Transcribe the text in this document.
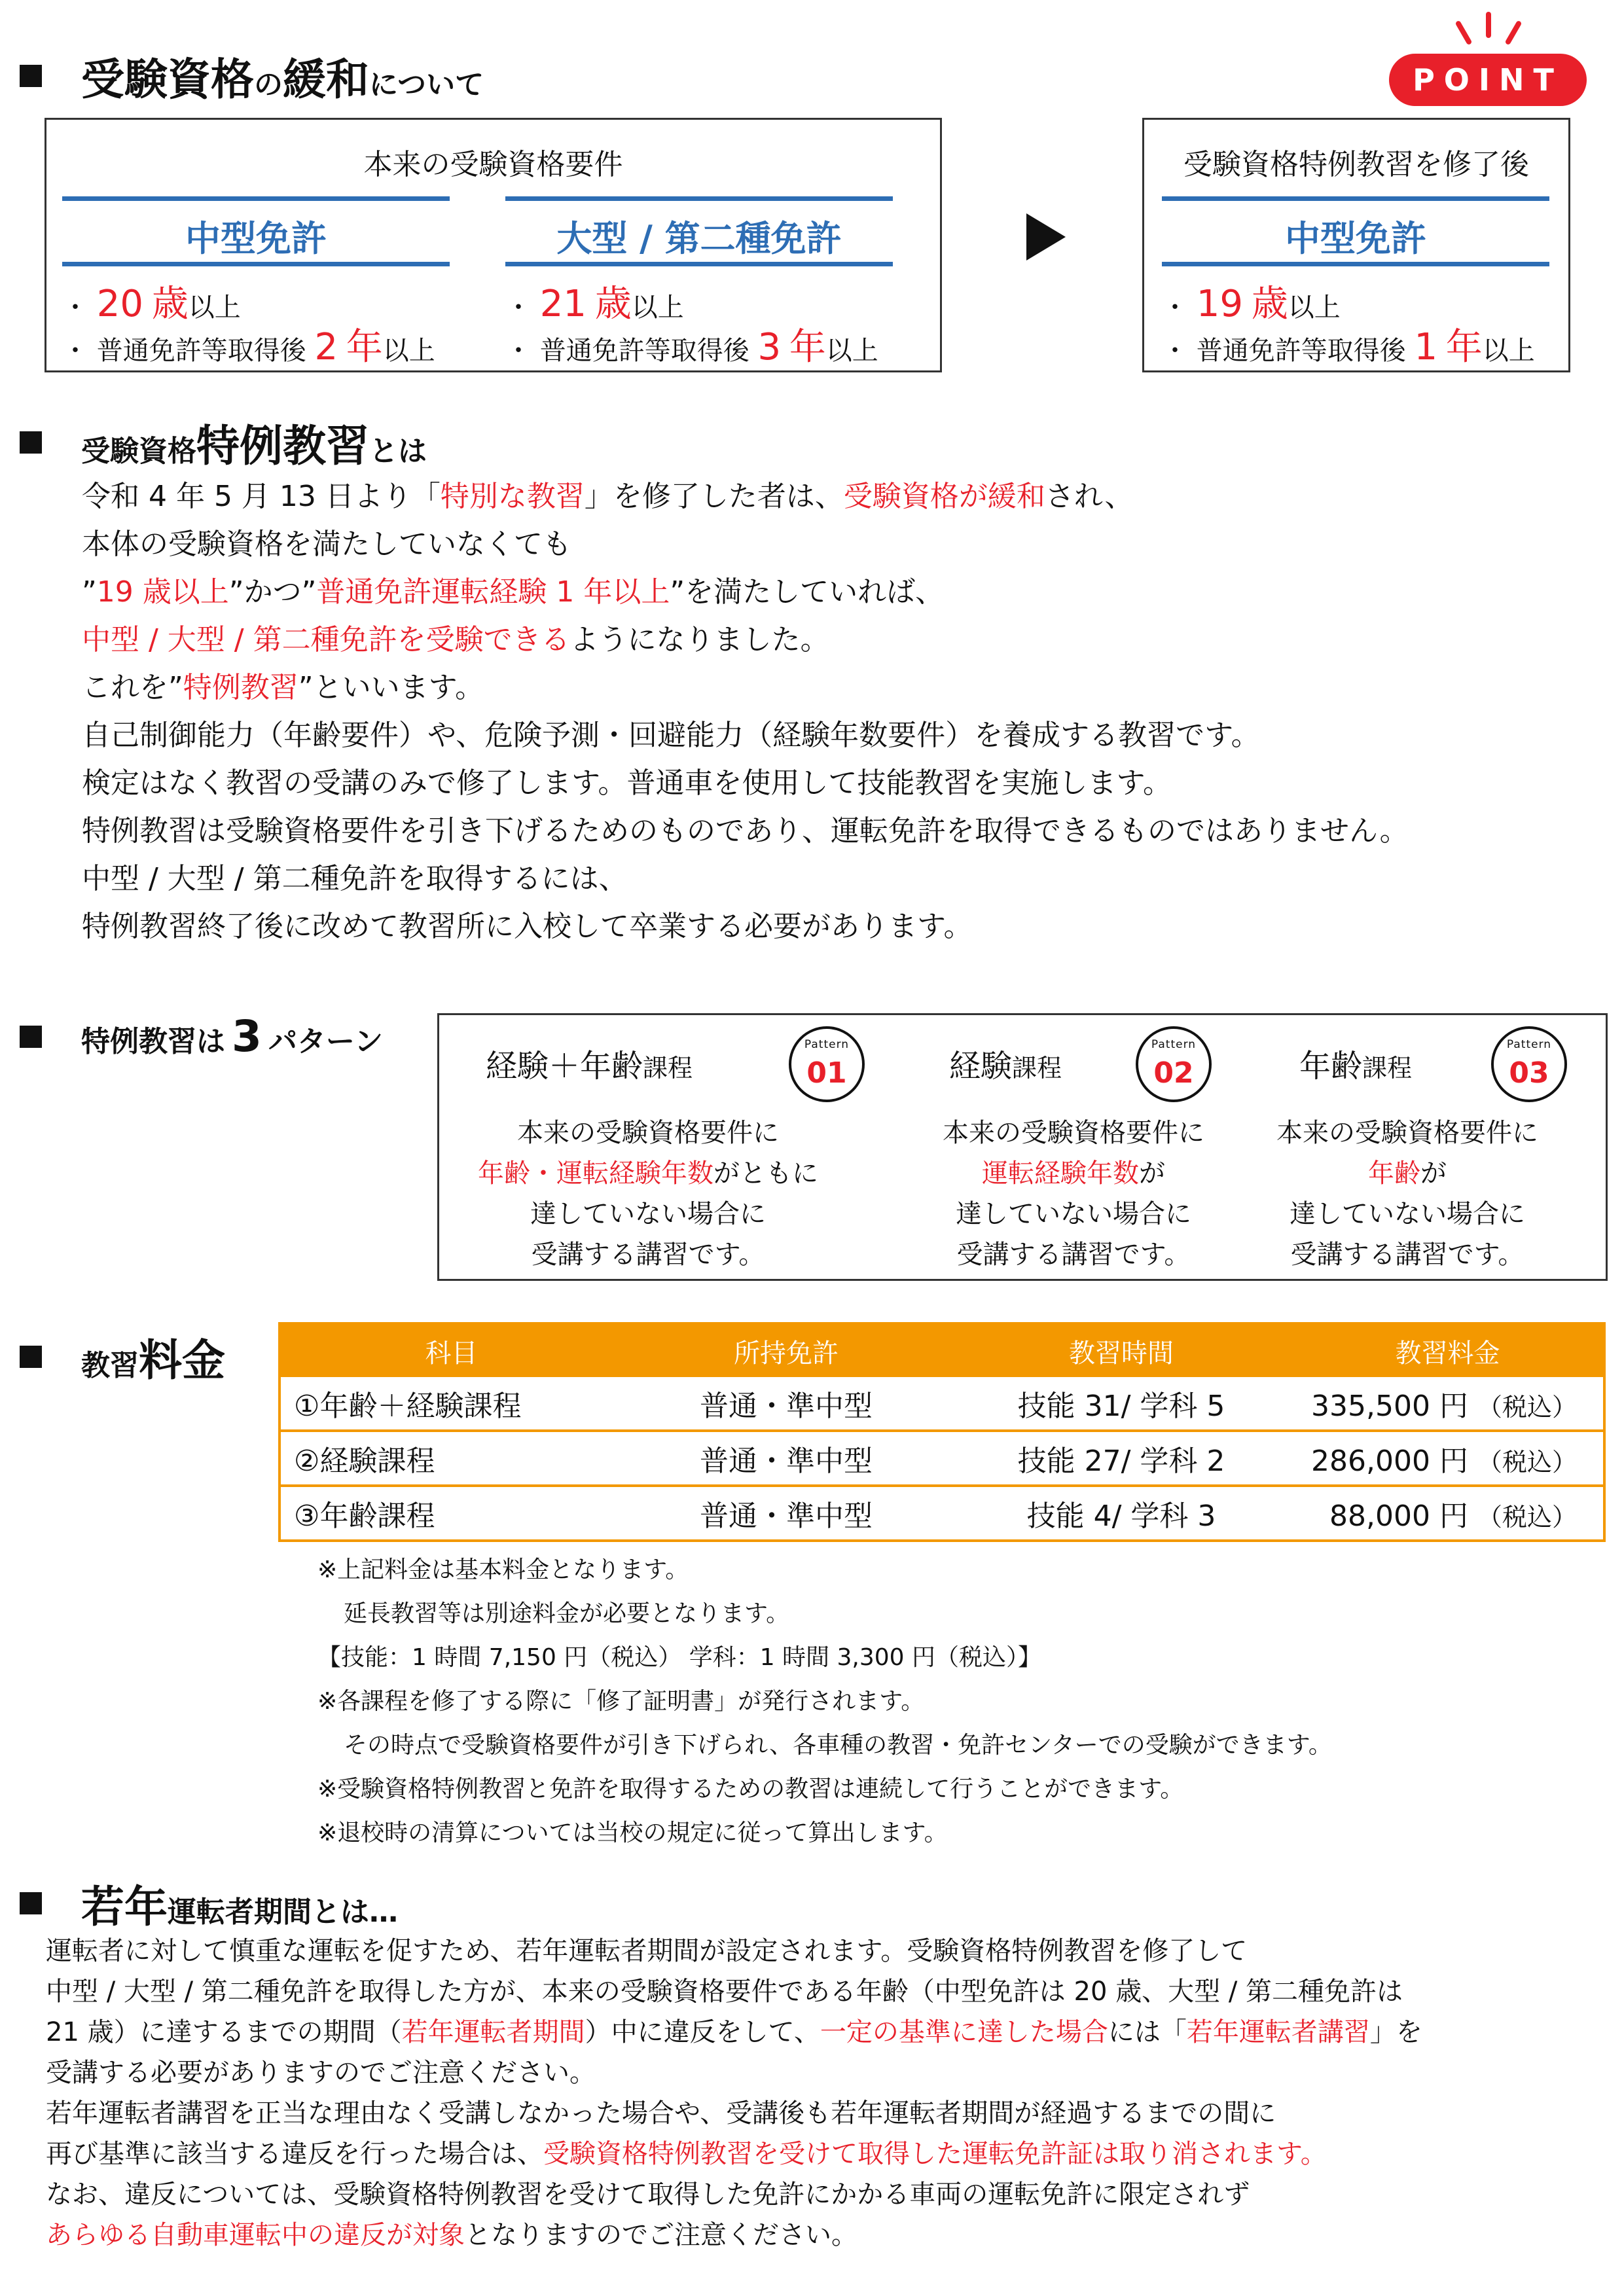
受験資格 の 緩和 について	POINT
本来の受験資格要件
中型免許
・ 20 歳以上
・ 普通免許等取得後 2 年以上
大型 / 第二種免許
・ 21 歳以上
・ 普通免許等取得後 3 年以上
受験資格特例教習を修了後
中型免許
・ 19 歳以上
・ 普通免許等取得後 1 年以上
受験資格 特例教習 とは
令和 4 年 5 月 13 日より「特別な教習」を修了した者は、受験資格が緩和され、
本体の受験資格を満たしていなくても
”19 歳以上”かつ”普通免許運転経験 1 年以上”を満たしていれば、
中型 / 大型 / 第二種免許を受験できるようになりました。
これを”特例教習”といいます。
自己制御能力（年齢要件）や、危険予測・回避能力（経験年数要件）を養成する教習です。
検定はなく教習の受講のみで修了します。普通車を使用して技能教習を実施します。
特例教習は受験資格要件を引き下げるためのものであり、運転免許を取得できるものではありません。
中型 / 大型 / 第二種免許を取得するには、
特例教習終了後に改めて教習所に入校して卒業する必要があります。
特例教習は 3 パターン
経験＋年齢課程
Pattern
01
本来の受験資格要件に
年齢・運転経験年数がともに
達していない場合に
受講する講習です。
経験課程
Pattern
02
本来の受験資格要件に
運転経験年数が
達していない場合に
受講する講習です。
年齢課程
Pattern
03
本来の受験資格要件に
年齢が
達していない場合に
受講する講習です。
教習 料金	科目	所持免許	教習時間	教習料金
①年齢＋経験課程	普通・準中型	技能 31/ 学科 5	335,500 円 （税込）
②経験課程	普通・準中型	技能 27/ 学科 2	286,000 円 （税込）
③年齢課程	普通・準中型	技能 4/ 学科 3	88,000 円 （税込）
※上記料金は基本料金となります。
延長教習等は別途料金が必要となります。
【技能：1 時間 7,150 円（税込） 学科：1 時間 3,300 円（税込）】
※各課程を修了する際に「修了証明書」が発行されます。
その時点で受験資格要件が引き下げられ、各車種の教習・免許センターでの受験ができます。
※受験資格特例教習と免許を取得するための教習は連続して行うことができます。
※退校時の清算については当校の規定に従って算出します。
若年 運転者期間とは…
運転者に対して慎重な運転を促すため、若年運転者期間が設定されます。受験資格特例教習を修了して
中型 / 大型 / 第二種免許を取得した方が、本来の受験資格要件である年齢（中型免許は 20 歳、大型 / 第二種免許は
21 歳）に達するまでの期間（若年運転者期間）中に違反をして、一定の基準に達した場合には「若年運転者講習」を
受講する必要がありますのでご注意ください。
若年運転者講習を正当な理由なく受講しなかった場合や、受講後も若年運転者期間が経過するまでの間に
再び基準に該当する違反を行った場合は、受験資格特例教習を受けて取得した運転免許証は取り消されます。
なお、違反については、受験資格特例教習を受けて取得した免許にかかる車両の運転免許に限定されず
あらゆる自動車運転中の違反が対象となりますのでご注意ください。
